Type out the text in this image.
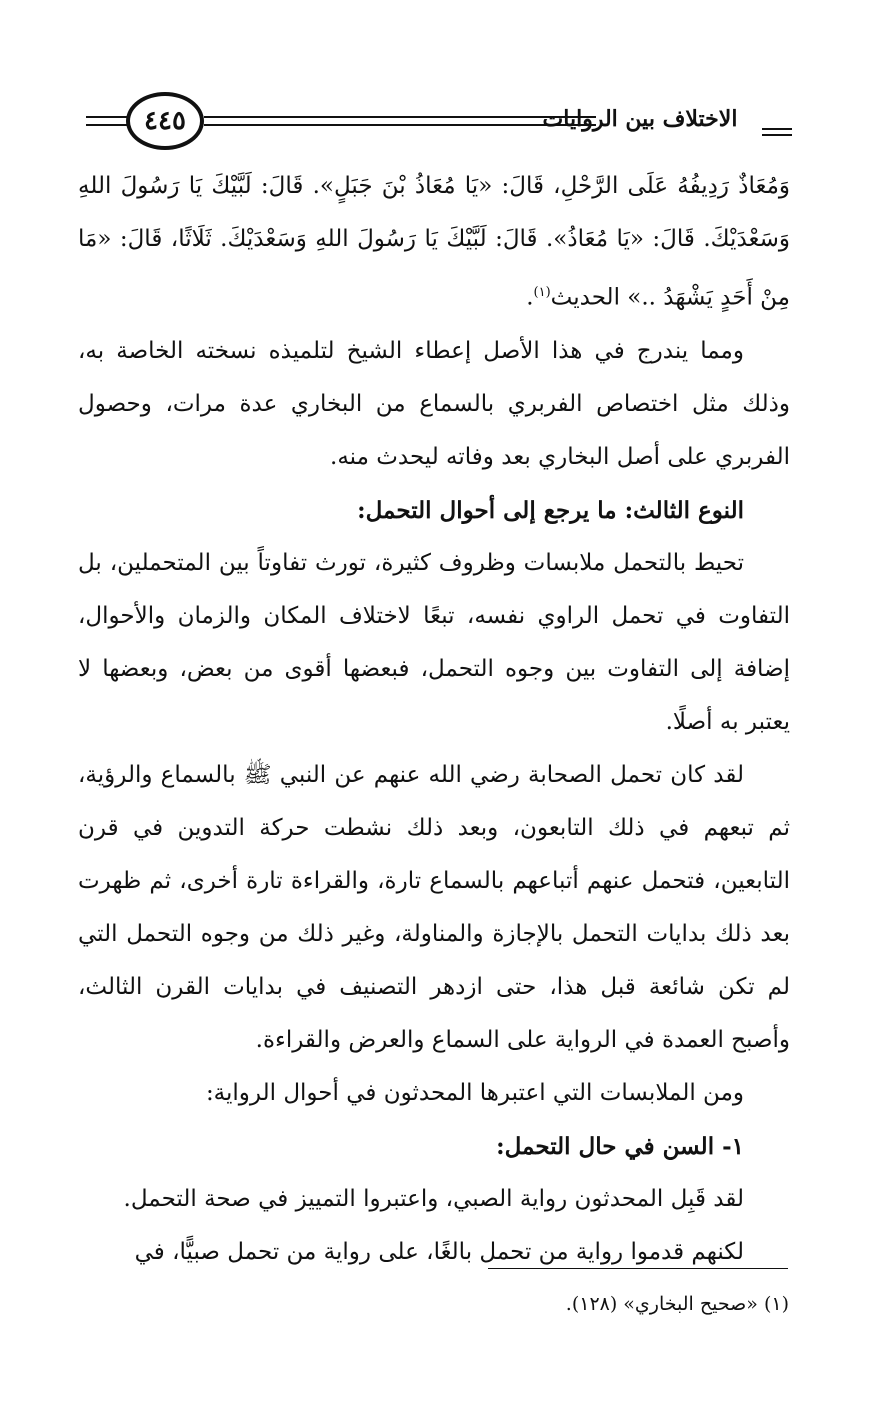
٤٤٥	الاختلاف بين الروايات

وَمُعَاذٌ رَدِيفُهُ عَلَى الرَّحْلِ، قَالَ: «يَا مُعَاذُ بْنَ جَبَلٍ». قَالَ: لَبَّيْكَ يَا رَسُولَ اللهِ وَسَعْدَيْكَ. قَالَ: «يَا مُعَاذُ». قَالَ: لَبَّيْكَ يَا رَسُولَ اللهِ وَسَعْدَيْكَ. ثَلَاثًا، قَالَ: «مَا مِنْ أَحَدٍ يَشْهَدُ ..» الحديث$^{(١)}$.

ومما يندرج في هذا الأصل إعطاء الشيخ لتلميذه نسخته الخاصة به، وذلك مثل اختصاص الفربري بالسماع من البخاري عدة مرات، وحصول الفربري على أصل البخاري بعد وفاته ليحدث منه.

النوع الثالث: ما يرجع إلى أحوال التحمل:

تحيط بالتحمل ملابسات وظروف كثيرة، تورث تفاوتاً بين المتحملين، بل التفاوت في تحمل الراوي نفسه، تبعًا لاختلاف المكان والزمان والأحوال، إضافة إلى التفاوت بين وجوه التحمل، فبعضها أقوى من بعض، وبعضها لا يعتبر به أصلًا.

لقد كان تحمل الصحابة رضي الله عنهم عن النبي ﷺ بالسماع والرؤية، ثم تبعهم في ذلك التابعون، وبعد ذلك نشطت حركة التدوين في قرن التابعين، فتحمل عنهم أتباعهم بالسماع تارة، والقراءة تارة أخرى، ثم ظهرت بعد ذلك بدايات التحمل بالإجازة والمناولة، وغير ذلك من وجوه التحمل التي لم تكن شائعة قبل هذا، حتى ازدهر التصنيف في بدايات القرن الثالث، وأصبح العمدة في الرواية على السماع والعرض والقراءة.

ومن الملابسات التي اعتبرها المحدثون في أحوال الرواية:

١- السن في حال التحمل:

لقد قَبِل المحدثون رواية الصبي، واعتبروا التمييز في صحة التحمل.

لكنهم قدموا رواية من تحمل بالغًا، على رواية من تحمل صبيًّا، في

(١) «صحيح البخاري» (١٢٨).
